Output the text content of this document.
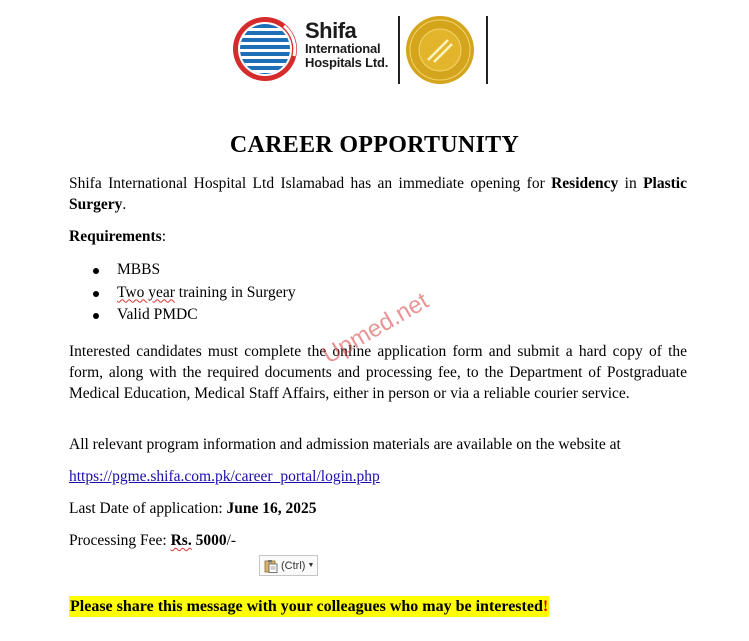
Shifa
International
Hospitals Ltd.
CAREER OPPORTUNITY
Shifa International Hospital Ltd Islamabad has an immediate opening for Residency in Plastic Surgery.
Requirements:
MBBS
Two year training in Surgery
Valid PMDC
Interested candidates must complete the online application form and submit a hard copy of the form, along with the required documents and processing fee, to the Department of Postgraduate Medical Education, Medical Staff Affairs, either in person or via a reliable courier service.
All relevant program information and admission materials are available on the website at
https://pgme.shifa.com.pk/career_portal/login.php
Last Date of application: June 16, 2025
Processing Fee: Rs. 5000/-
Upmed.net
(Ctrl) ▼
Please share this message with your colleagues who may be interested!
